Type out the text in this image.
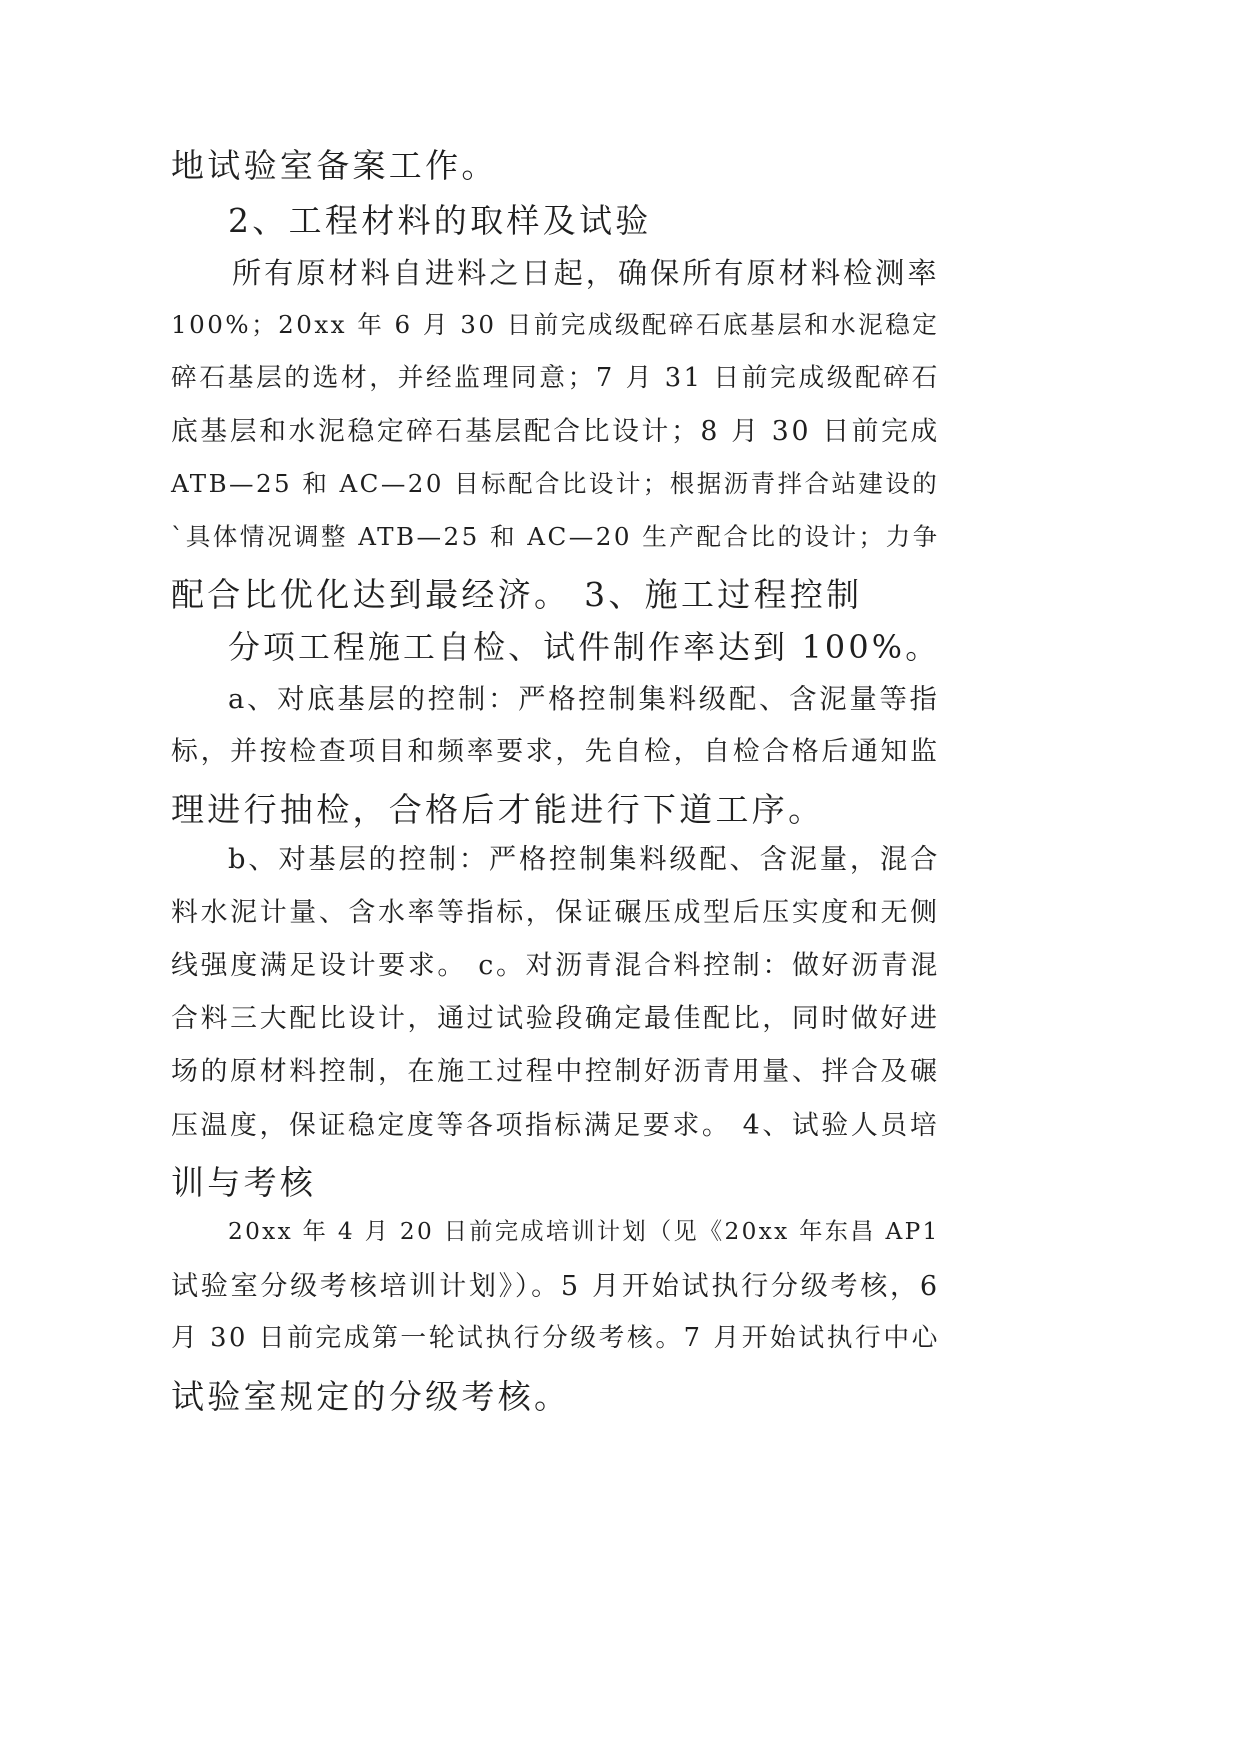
地试验室备案工作。
2、工程材料的取样及试验
所有原材料自进料之日起，确保所有原材料检测率
100%；20xx 年 6 月 30 日前完成级配碎石底基层和水泥稳定
碎石基层的选材，并经监理同意；7 月 31 日前完成级配碎石
底基层和水泥稳定碎石基层配合比设计；8 月 30 日前完成
ATB—25 和 AC—20 目标配合比设计；根据沥青拌合站建设的
`具体情况调整 ATB—25 和 AC—20 生产配合比的设计；力争
配合比优化达到最经济。 3、施工过程控制
分项工程施工自检、试件制作率达到 100%。
a、对底基层的控制：严格控制集料级配、含泥量等指
标，并按检查项目和频率要求，先自检，自检合格后通知监
理进行抽检，合格后才能进行下道工序。
b、对基层的控制：严格控制集料级配、含泥量，混合
料水泥计量、含水率等指标，保证碾压成型后压实度和无侧
线强度满足设计要求。 c。对沥青混合料控制：做好沥青混
合料三大配比设计，通过试验段确定最佳配比，同时做好进
场的原材料控制，在施工过程中控制好沥青用量、拌合及碾
压温度，保证稳定度等各项指标满足要求。 4、试验人员培
训与考核
20xx 年 4 月 20 日前完成培训计划（见《20xx 年东昌 AP1
试验室分级考核培训计划》）。5 月开始试执行分级考核，6
月 30 日前完成第一轮试执行分级考核。7 月开始试执行中心
试验室规定的分级考核。
